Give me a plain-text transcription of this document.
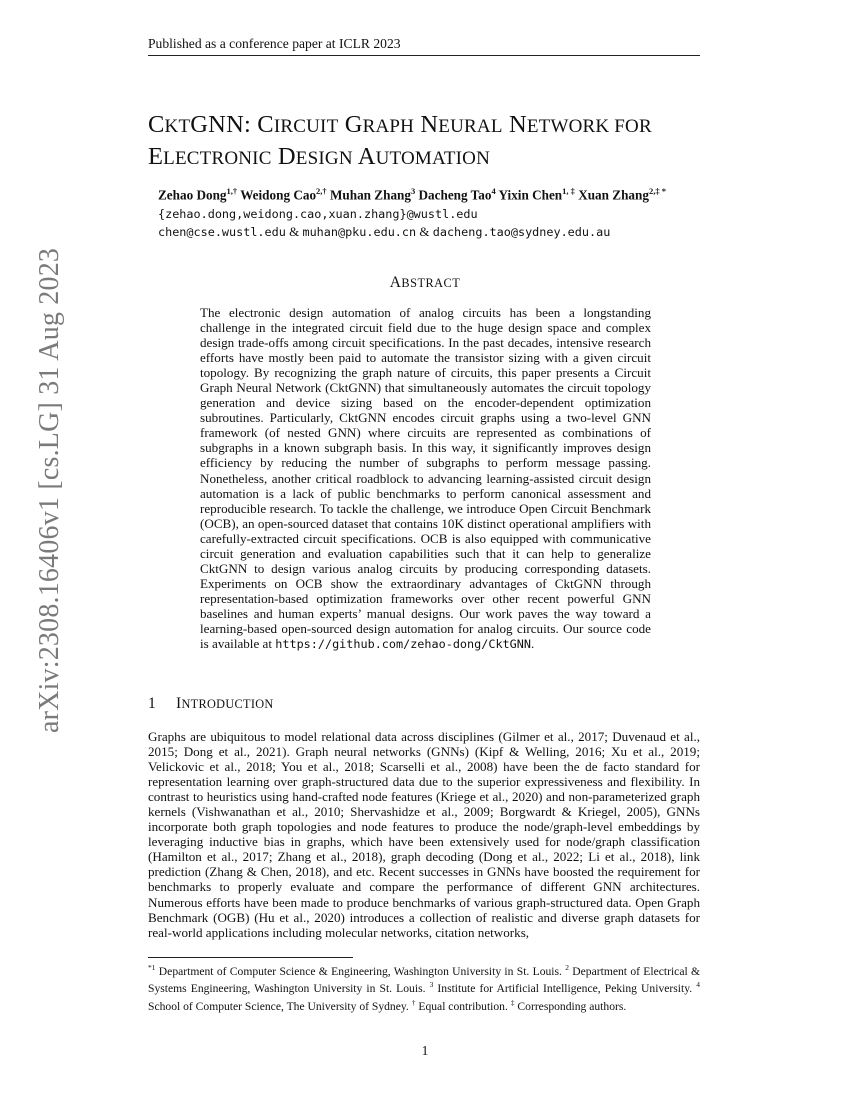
Published as a conference paper at ICLR 2023
arXiv:2308.16406v1 [cs.LG] 31 Aug 2023
CKTGNN: CIRCUIT GRAPH NEURAL NETWORK FOR
ELECTRONIC DESIGN AUTOMATION
Zehao Dong$^{1,\dagger}$ Weidong Cao$^{2,\dagger}$ Muhan Zhang$^3$ Dacheng Tao$^4$ Yixin Chen$^{1, \ddagger}$ Xuan Zhang$^{2,\ddagger *}$
{zehao.dong,weidong.cao,xuan.zhang}@wustl.edu
chen@cse.wustl.edu & muhan@pku.edu.cn & dacheng.tao@sydney.edu.au
ABSTRACT
The electronic design automation of analog circuits has been a longstanding challenge in the integrated circuit field due to the huge design space and complex design trade-offs among circuit specifications. In the past decades, intensive research efforts have mostly been paid to automate the transistor sizing with a given circuit topology. By recognizing the graph nature of circuits, this paper presents a Circuit Graph Neural Network (CktGNN) that simultaneously automates the circuit topology generation and device sizing based on the encoder-dependent optimization subroutines. Particularly, CktGNN encodes circuit graphs using a two-level GNN framework (of nested GNN) where circuits are represented as combinations of subgraphs in a known subgraph basis. In this way, it significantly improves design efficiency by reducing the number of subgraphs to perform message passing. Nonetheless, another critical roadblock to advancing learning-assisted circuit design automation is a lack of public benchmarks to perform canonical assessment and reproducible research. To tackle the challenge, we introduce Open Circuit Benchmark (OCB), an open-sourced dataset that contains 10K distinct operational amplifiers with carefully-extracted circuit specifications. OCB is also equipped with communicative circuit generation and evaluation capabilities such that it can help to generalize CktGNN to design various analog circuits by producing corresponding datasets. Experiments on OCB show the extraordinary advantages of CktGNN through representation-based optimization frameworks over other recent powerful GNN baselines and human experts’ manual designs. Our work paves the way toward a learning-based open-sourced design automation for analog circuits. Our source code is available at https://github.com/zehao-dong/CktGNN.
1 INTRODUCTION
Graphs are ubiquitous to model relational data across disciplines (Gilmer et al., 2017; Duvenaud et al., 2015; Dong et al., 2021). Graph neural networks (GNNs) (Kipf & Welling, 2016; Xu et al., 2019; Velickovic et al., 2018; You et al., 2018; Scarselli et al., 2008) have been the de facto standard for representation learning over graph-structured data due to the superior expressiveness and flexibility. In contrast to heuristics using hand-crafted node features (Kriege et al., 2020) and non-parameterized graph kernels (Vishwanathan et al., 2010; Shervashidze et al., 2009; Borgwardt & Kriegel, 2005), GNNs incorporate both graph topologies and node features to produce the node/graph-level embeddings by leveraging inductive bias in graphs, which have been extensively used for node/graph classification (Hamilton et al., 2017; Zhang et al., 2018), graph decoding (Dong et al., 2022; Li et al., 2018), link prediction (Zhang & Chen, 2018), and etc. Recent successes in GNNs have boosted the requirement for benchmarks to properly evaluate and compare the performance of different GNN architectures. Numerous efforts have been made to produce benchmarks of various graph-structured data. Open Graph Benchmark (OGB) (Hu et al., 2020) introduces a collection of realistic and diverse graph datasets for real-world applications including molecular networks, citation networks,
$^{*1}$ Department of Computer Science & Engineering, Washington University in St. Louis. $^2$ Department of Electrical & Systems Engineering, Washington University in St. Louis. $^3$ Institute for Artificial Intelligence, Peking University. $^4$ School of Computer Science, The University of Sydney. † Equal contribution. ‡ Corresponding authors.
1
